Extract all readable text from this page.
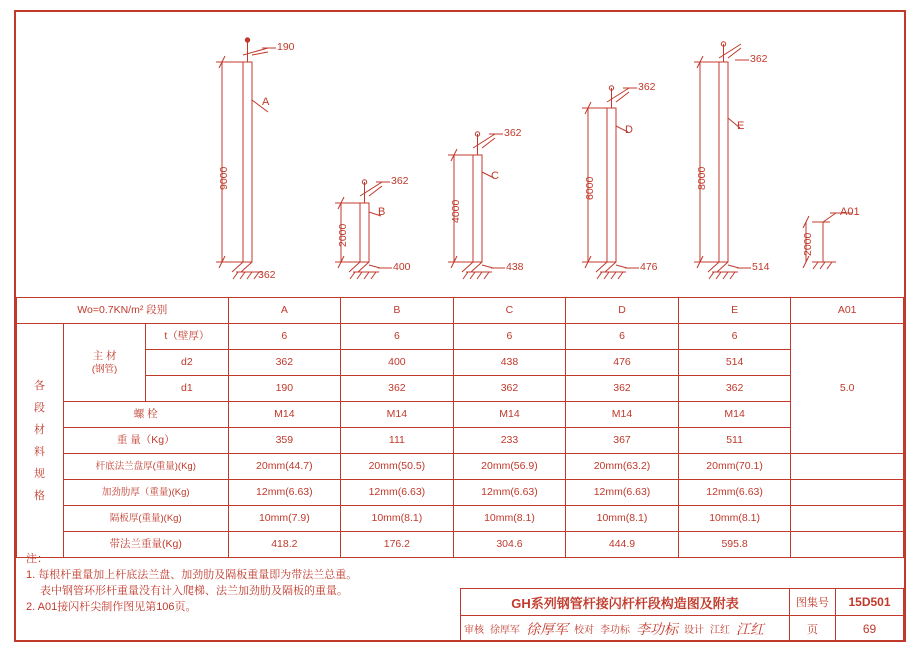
190
A
362
9000	362
B
400
2000
362
C
438
4000
362
D
476
6000
362
E
514
8000
A01
2000
Wo=0.7KN/m² 段别			A	B	C	D	E	A01

各
段
材
料
规
格

主 材
(钢管)
	t（壁厚）	6	6	6	6	6	5.0
		d2	362	400	438	476	514	
		d1	190	362	362	362	362	
	螺 栓		M14	M14	M14	M14	M14	
	重 量（Kg）		359	111	233	367	511	
	杆底法兰盘厚(重量)(Kg)		20mm(44.7)	20mm(50.5)	20mm(56.9)	20mm(63.2)	20mm(70.1)	
	加劲肋厚（重量)(Kg)		12mm(6.63)	12mm(6.63)	12mm(6.63)	12mm(6.63)	12mm(6.63)	
	隔板厚(重量)(Kg)		10mm(7.9)	10mm(8.1)	10mm(8.1)	10mm(8.1)	10mm(8.1)	
	带法兰重量(Kg)		418.2	176.2	304.6	444.9	595.8	
注：
1. 每根杆重量加上杆底法兰盘、加劲肋及隔板重量即为带法兰总重。
表中钢管环形杆重量没有计入爬梯、法兰加劲肋及隔板的重量。
2. A01接闪杆尖制作图见第106页。	GH系列钢管杆接闪杆杆段构造图及附表	图集号	15D501
审核 徐厚军 徐厚军 校对 李功标 李功标 设计 江红 江红	页	69
